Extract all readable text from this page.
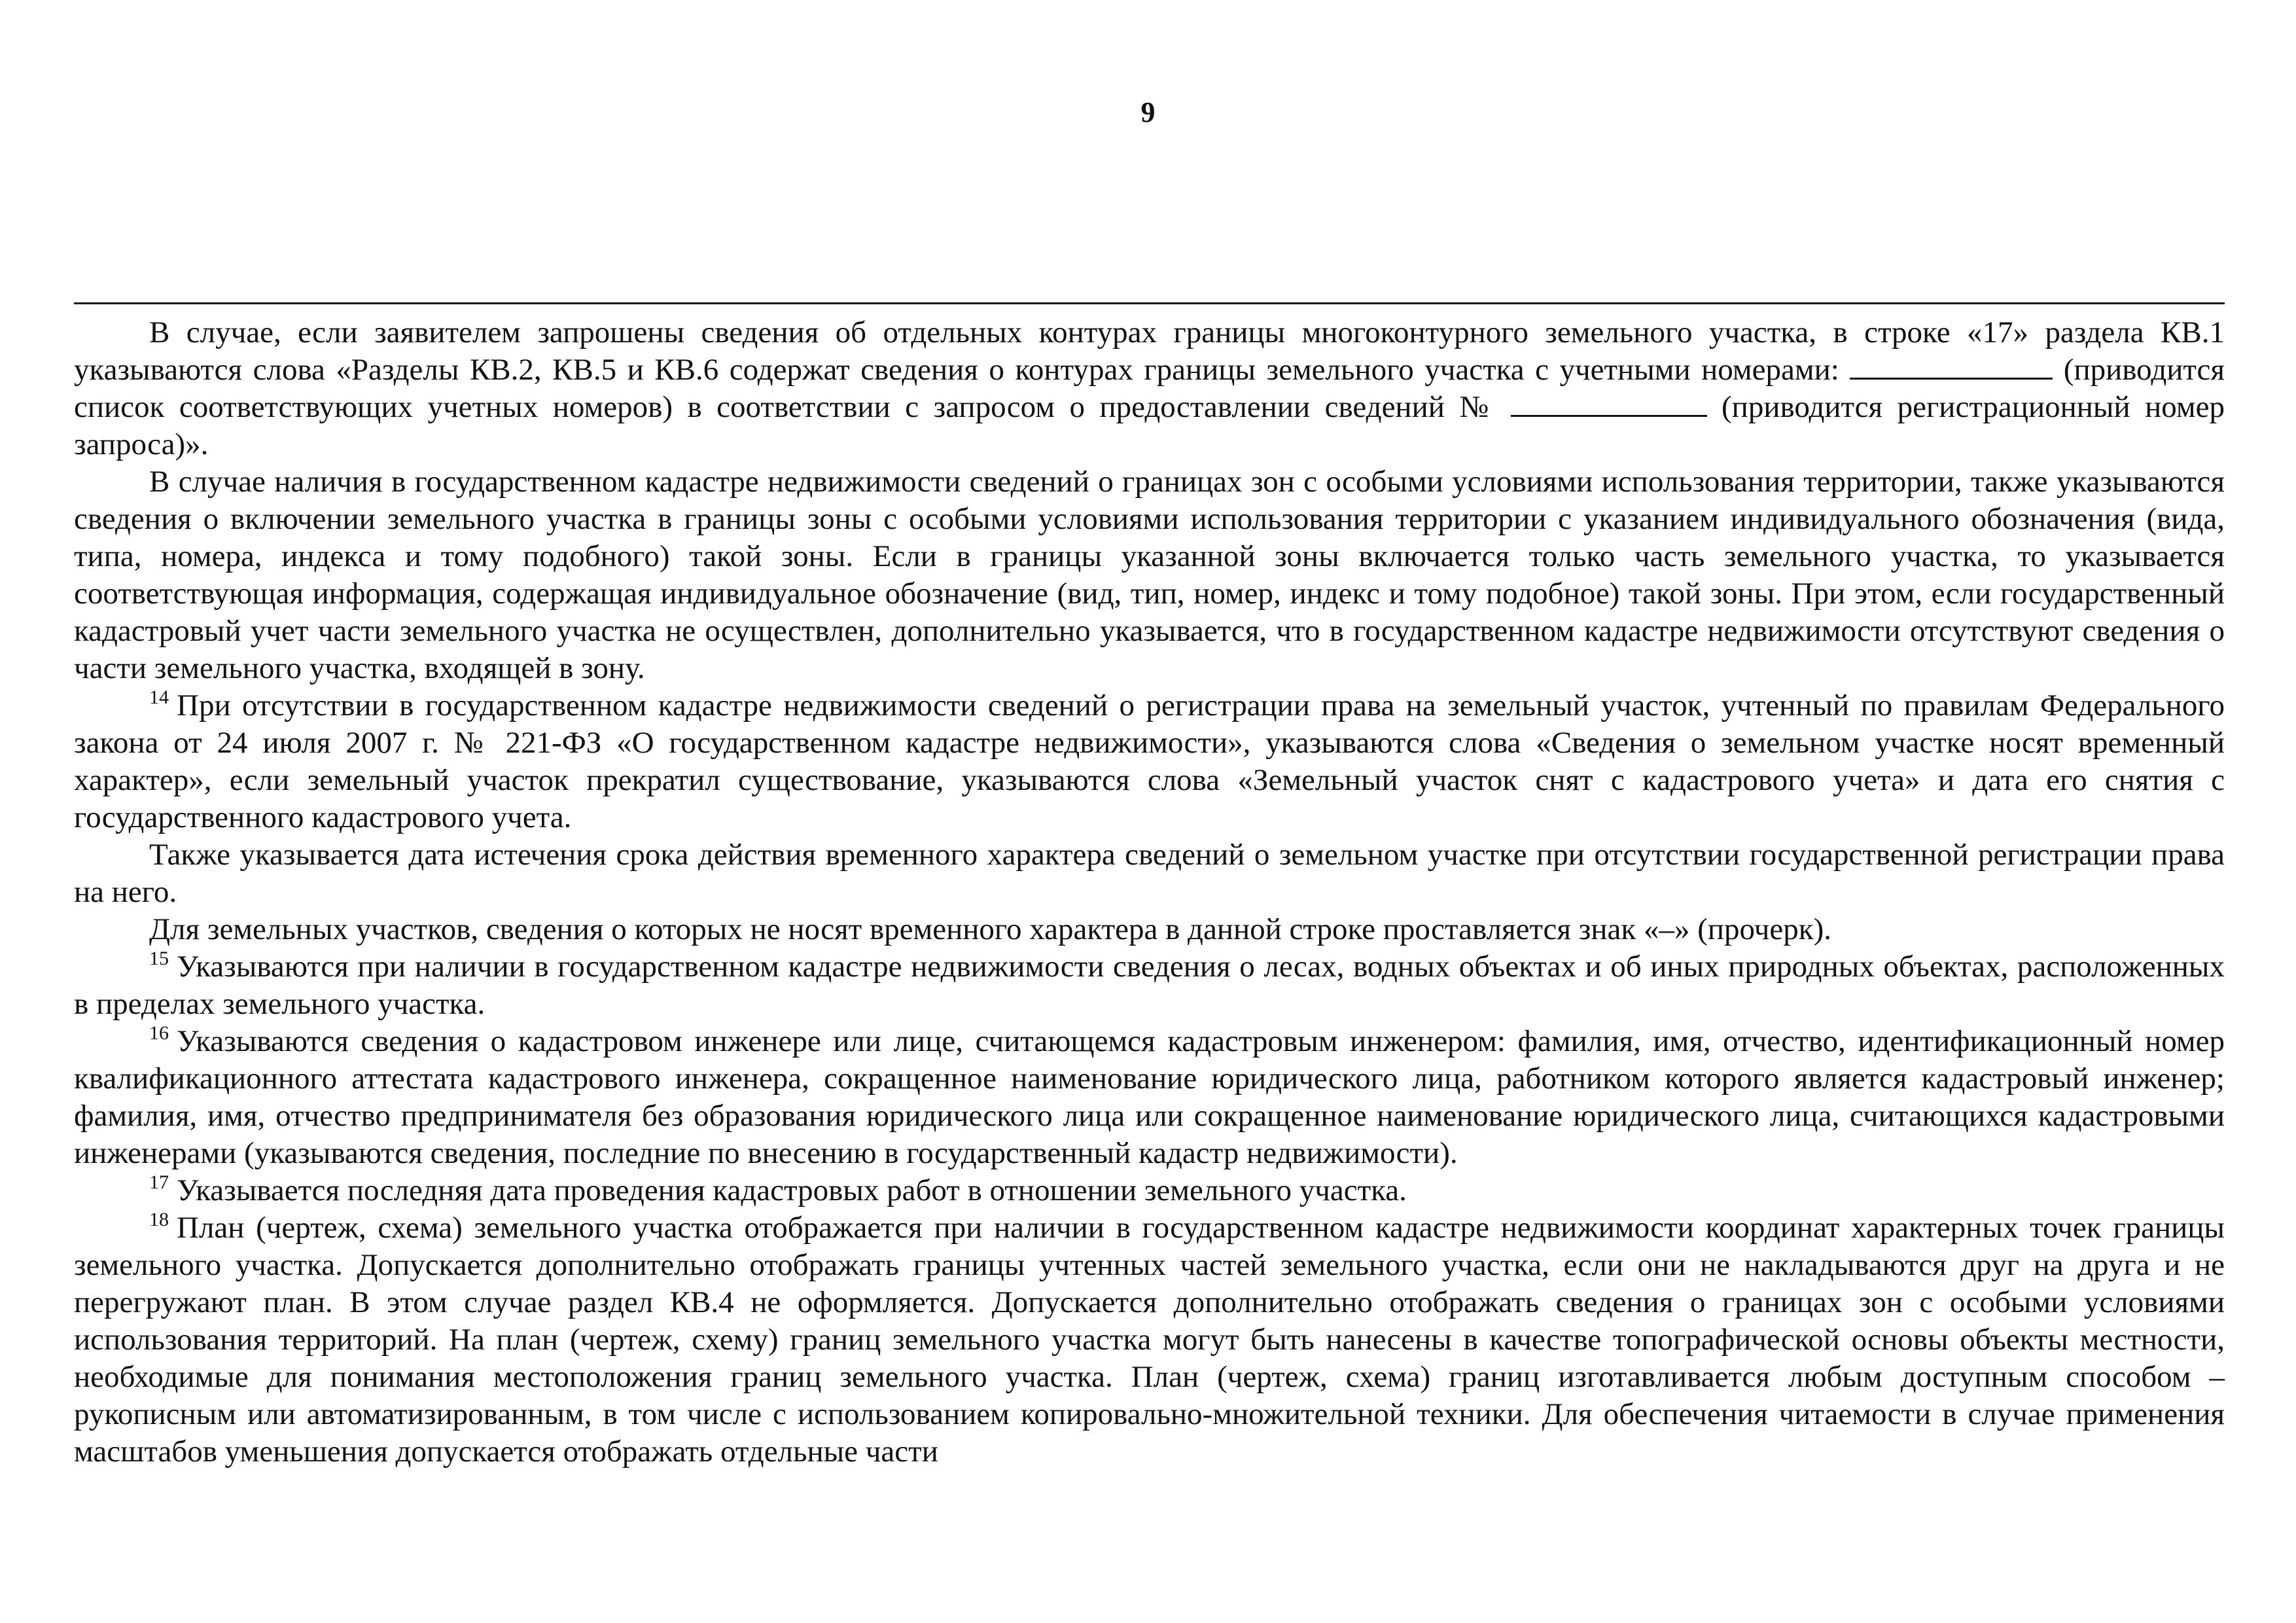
9

В случае, если заявителем запрошены сведения об отдельных контурах границы многоконтурного земельного участка, в строке «17» раздела КВ.1 указываются слова «Разделы КВ.2, КВ.5 и КВ.6 содержат сведения о контурах границы земельного участка с учетными номерами:	(приводится список соответствующих учетных номеров) в соответствии с запросом о предоставлении сведений №	(приводится регистрационный номер запроса)».

В случае наличия в государственном кадастре недвижимости сведений о границах зон с особыми условиями использования территории, также указываются сведения о включении земельного участка в границы зоны с особыми условиями использования территории с указанием индивидуального обозначения (вида, типа, номера, индекса и тому подобного) такой зоны. Если в границы указанной зоны включается только часть земельного участка, то указывается соответствующая информация, содержащая индивидуальное обозначение (вид, тип, номер, индекс и тому подобное) такой зоны. При этом, если государственный кадастровый учет части земельного участка не осуществлен, дополнительно указывается, что в государственном кадастре недвижимости отсутствуют сведения о части земельного участка, входящей в зону.

$^{14}$ При отсутствии в государственном кадастре недвижимости сведений о регистрации права на земельный участок, учтенный по правилам Федерального закона от 24 июля 2007 г. № 221-ФЗ «О государственном кадастре недвижимости», указываются слова «Сведения о земельном участке носят временный характер», если земельный участок прекратил существование, указываются слова «Земельный участок снят с кадастрового учета» и дата его снятия с государственного кадастрового учета.

Также указывается дата истечения срока действия временного характера сведений о земельном участке при отсутствии государственной регистрации права на него.

Для земельных участков, сведения о которых не носят временного характера в данной строке проставляется знак «–» (прочерк).

$^{15}$ Указываются при наличии в государственном кадастре недвижимости сведения о лесах, водных объектах и об иных природных объектах, расположенных в пределах земельного участка.

$^{16}$ Указываются сведения о кадастровом инженере или лице, считающемся кадастровым инженером: фамилия, имя, отчество, идентификационный номер квалификационного аттестата кадастрового инженера, сокращенное наименование юридического лица, работником которого является кадастровый инженер; фамилия, имя, отчество предпринимателя без образования юридического лица или сокращенное наименование юридического лица, считающихся кадастровыми инженерами (указываются сведения, последние по внесению в государственный кадастр недвижимости).

$^{17}$ Указывается последняя дата проведения кадастровых работ в отношении земельного участка.

$^{18}$ План (чертеж, схема) земельного участка отображается при наличии в государственном кадастре недвижимости координат характерных точек границы земельного участка. Допускается дополнительно отображать границы учтенных частей земельного участка, если они не накладываются друг на друга и не перегружают план. В этом случае раздел КВ.4 не оформляется. Допускается дополнительно отображать сведения о границах зон с особыми условиями использования территорий. На план (чертеж, схему) границ земельного участка могут быть нанесены в качестве топографической основы объекты местности, необходимые для понимания местоположения границ земельного участка. План (чертеж, схема) границ изготавливается любым доступным способом – рукописным или автоматизированным, в том числе с использованием копировально-множительной техники. Для обеспечения читаемости в случае применения масштабов уменьшения допускается отображать отдельные части
